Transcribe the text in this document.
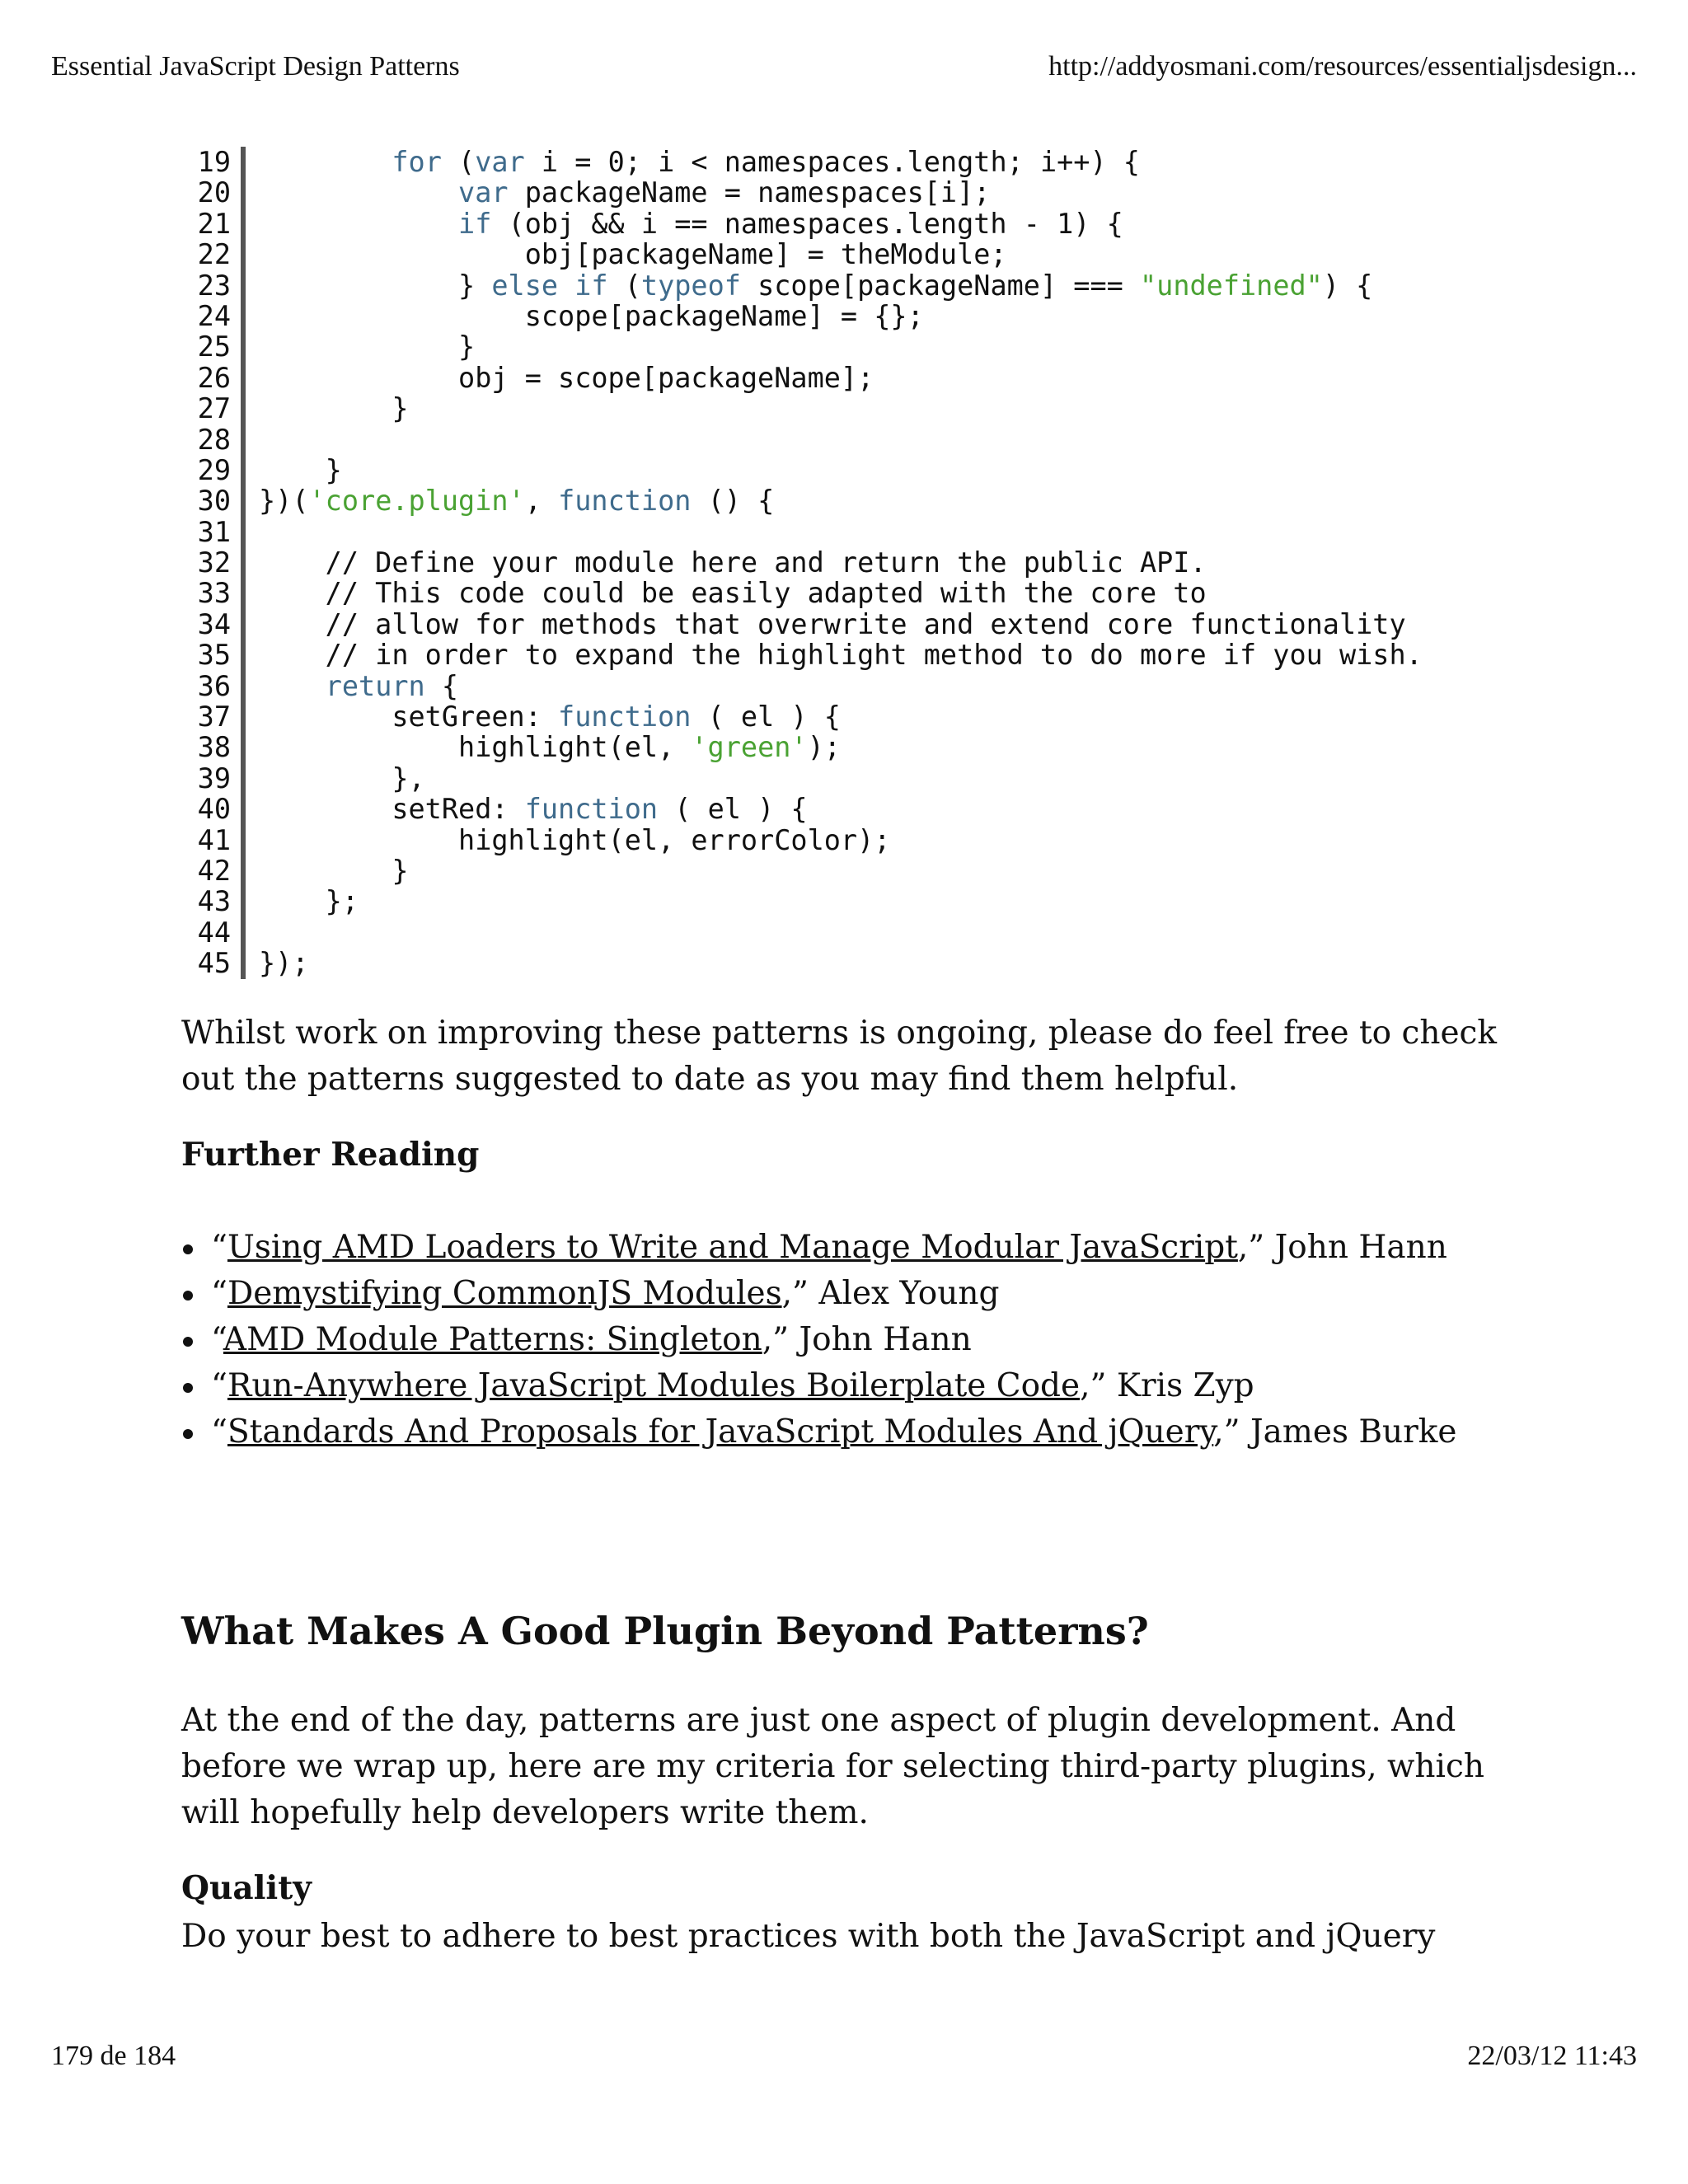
Essential JavaScript Design Patterns	http://addyosmani.com/resources/essentialjsdesign...
19	for (var i = 0; i < namespaces.length; i++) {
20	var packageName = namespaces[i];
21	if (obj && i == namespaces.length - 1) {
22	obj[packageName] = theModule;
23	} else if (typeof scope[packageName] === "undefined") {
24	scope[packageName] = {};
25	}
26	obj = scope[packageName];
27	}
28
29	}
30	})('core.plugin', function () {
31
32	// Define your module here and return the public API.
33	// This code could be easily adapted with the core to
34	// allow for methods that overwrite and extend core functionality
35	// in order to expand the highlight method to do more if you wish.
36	return {
37	setGreen: function ( el ) {
38	highlight(el, 'green');
39	},
40	setRed: function ( el ) {
41	highlight(el, errorColor);
42	}
43	};
44
45	});
Whilst work on improving these patterns is ongoing, please do feel free to check out the patterns suggested to date as you may find them helpful.
Further Reading
“Using AMD Loaders to Write and Manage Modular JavaScript,” John Hann
“Demystifying CommonJS Modules,” Alex Young
“AMD Module Patterns: Singleton,” John Hann
“Run-Anywhere JavaScript Modules Boilerplate Code,” Kris Zyp
“Standards And Proposals for JavaScript Modules And jQuery,” James Burke
What Makes A Good Plugin Beyond Patterns?
At the end of the day, patterns are just one aspect of plugin development. And before we wrap up, here are my criteria for selecting third-party plugins, which will hopefully help developers write them.
Quality
Do your best to adhere to best practices with both the JavaScript and jQuery
179 de 184	22/03/12 11:43
